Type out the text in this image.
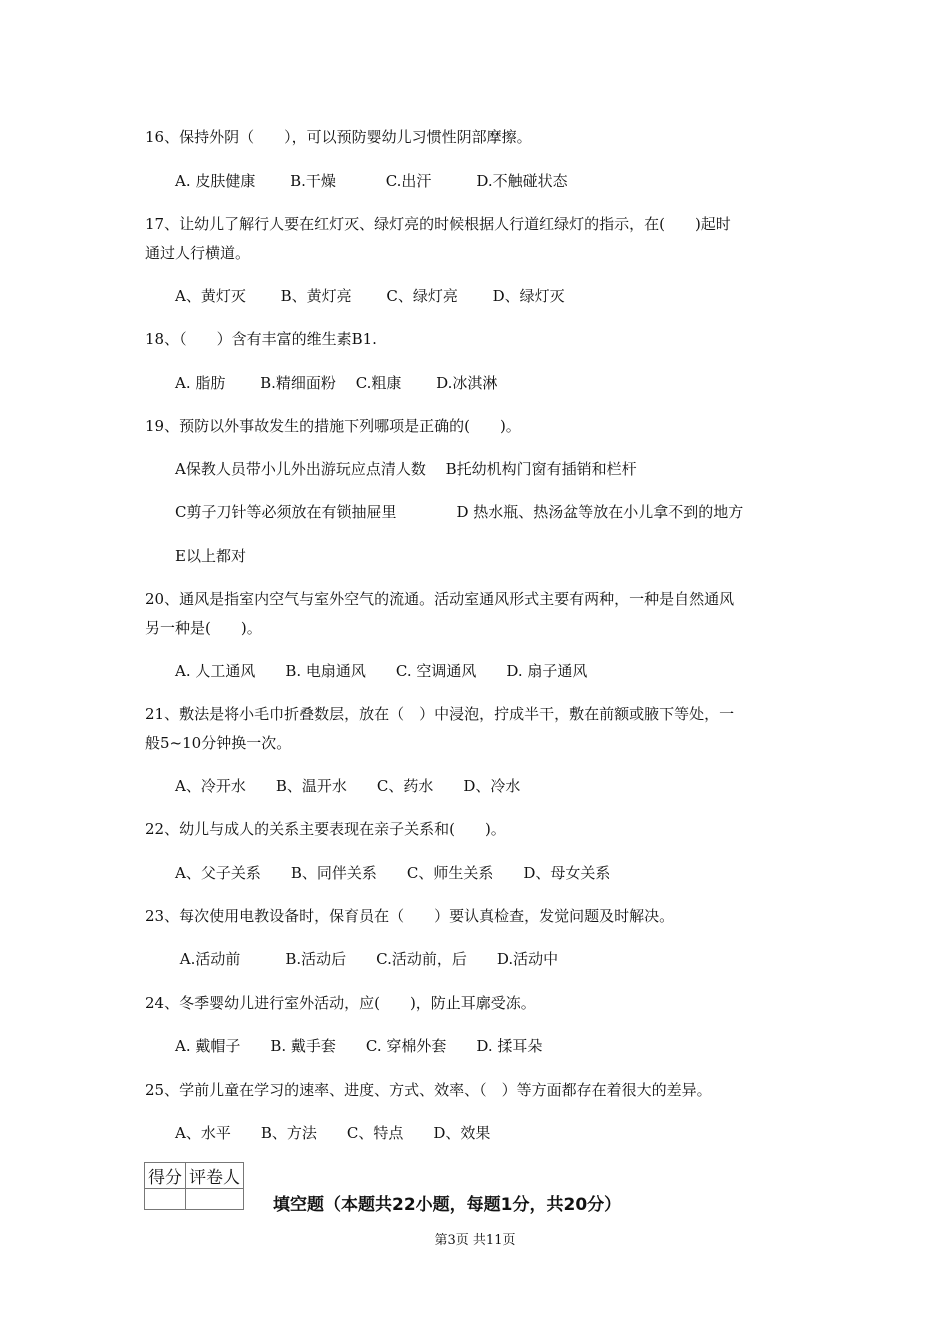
16、保持外阴（　　），可以预防婴幼儿习惯性阴部摩擦。
A. 皮肤健康　　 B.干燥　　　 C.出汗　　　D.不触碰状态
17、让幼儿了解行人要在红灯灭、绿灯亮的时候根据人行道红绿灯的指示，在(　　)起时
通过人行横道。
A、黄灯灭　　 B、黄灯亮　　 C、绿灯亮　　 D、绿灯灭
18、（　　）含有丰富的维生素B1.
A. 脂肪　　 B.精细面粉　 C.粗康　　 D.冰淇淋
19、预防以外事故发生的措施下列哪项是正确的(　　)。
A保教人员带小儿外出游玩应点清人数　 B托幼机构门窗有插销和栏杆
C剪子刀针等必须放在有锁抽屉里　　　　D 热水瓶、热汤盆等放在小儿拿不到的地方
E以上都对
20、通风是指室内空气与室外空气的流通。活动室通风形式主要有两种，一种是自然通风
另一种是(　　)。
A. 人工通风　　B. 电扇通风　　C. 空调通风　　D. 扇子通风
21、敷法是将小毛巾折叠数层，放在（　）中浸泡，拧成半干，敷在前额或腋下等处，一
般5~10分钟换一次。
A、冷开水　　B、温开水　　C、药水　　D、冷水
22、幼儿与成人的关系主要表现在亲子关系和(　　)。
A、父子关系　　B、同伴关系　　C、师生关系　　D、母女关系
23、每次使用电教设备时，保育员在（　　）要认真检查，发觉问题及时解决。
A.活动前　　　B.活动后　　C.活动前，后　　D.活动中
24、冬季婴幼儿进行室外活动，应(　　)，防止耳廓受冻。
A. 戴帽子　　B. 戴手套　　C. 穿棉外套　　D. 揉耳朵
25、学前儿童在学习的速率、进度、方式、效率、（　）等方面都存在着很大的差异。
A、水平　　B、方法　　C、特点　　D、效果
得分	评卷人

填空题（本题共22小题，每题1分，共20分）
第3页 共11页
